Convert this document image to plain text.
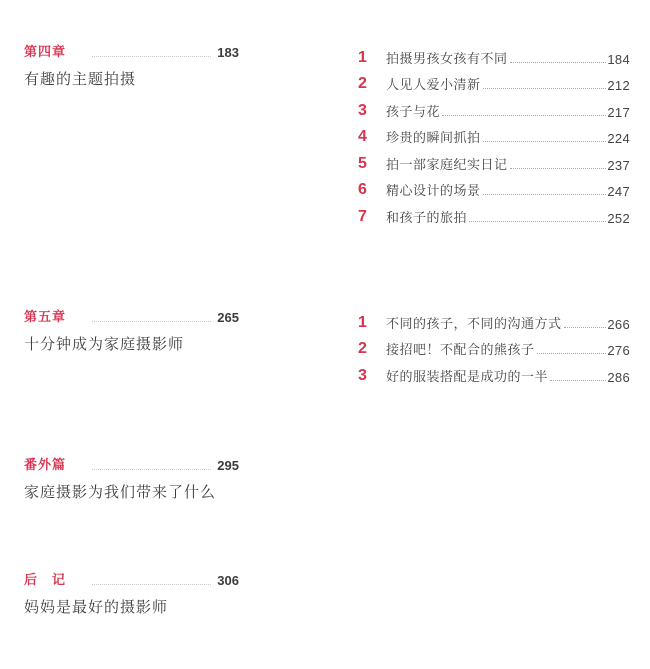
第四章	183
有趣的主题拍摄
1	拍摄男孩女孩有不同	184
2	人见人爱小清新	212
3	孩子与花	217
4	珍贵的瞬间抓拍	224
5	拍一部家庭纪实日记	237
6	精心设计的场景	247
7	和孩子的旅拍	252
第五章	265
十分钟成为家庭摄影师
1	不同的孩子，不同的沟通方式	266
2	接招吧！不配合的熊孩子	276
3	好的服装搭配是成功的一半	286
番外篇	295
家庭摄影为我们带来了什么
后　记	306
妈妈是最好的摄影师
